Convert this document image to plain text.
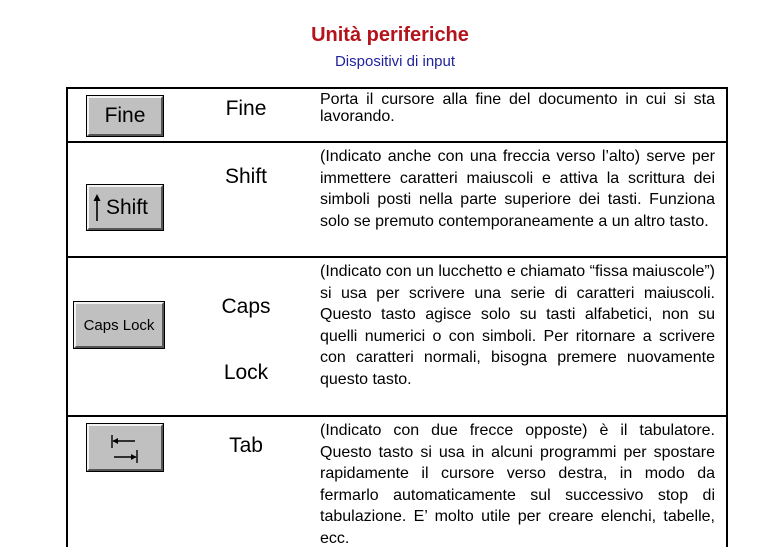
Unità periferiche
Dispositivi di input
Fine	Fine	Porta il cursore alla fine del documento in cui si sta lavorando.
Shift
Shift
(Indicato anche con una freccia verso l’alto) serve per immettere caratteri maiuscoli e attiva la scrittura dei simboli posti nella parte superiore dei tasti. Funziona solo se premuto contemporaneamente a un altro tasto.
Caps Lock
Caps
Lock
(Indicato con un lucchetto e chiamato “fissa maiuscole”) si usa per scrivere una serie di caratteri maiuscoli. Questo tasto agisce solo su tasti alfabetici, non su quelli numerici o con simboli. Per ritornare a scrivere con caratteri normali, bisogna premere nuovamente questo tasto.
Tab
(Indicato con due frecce opposte) è il tabulatore. Questo tasto si usa in alcuni programmi per spostare rapidamente il cursore verso destra, in modo da fermarlo automaticamente sul successivo stop di tabulazione. E’ molto utile per creare elenchi, tabelle, ecc.
